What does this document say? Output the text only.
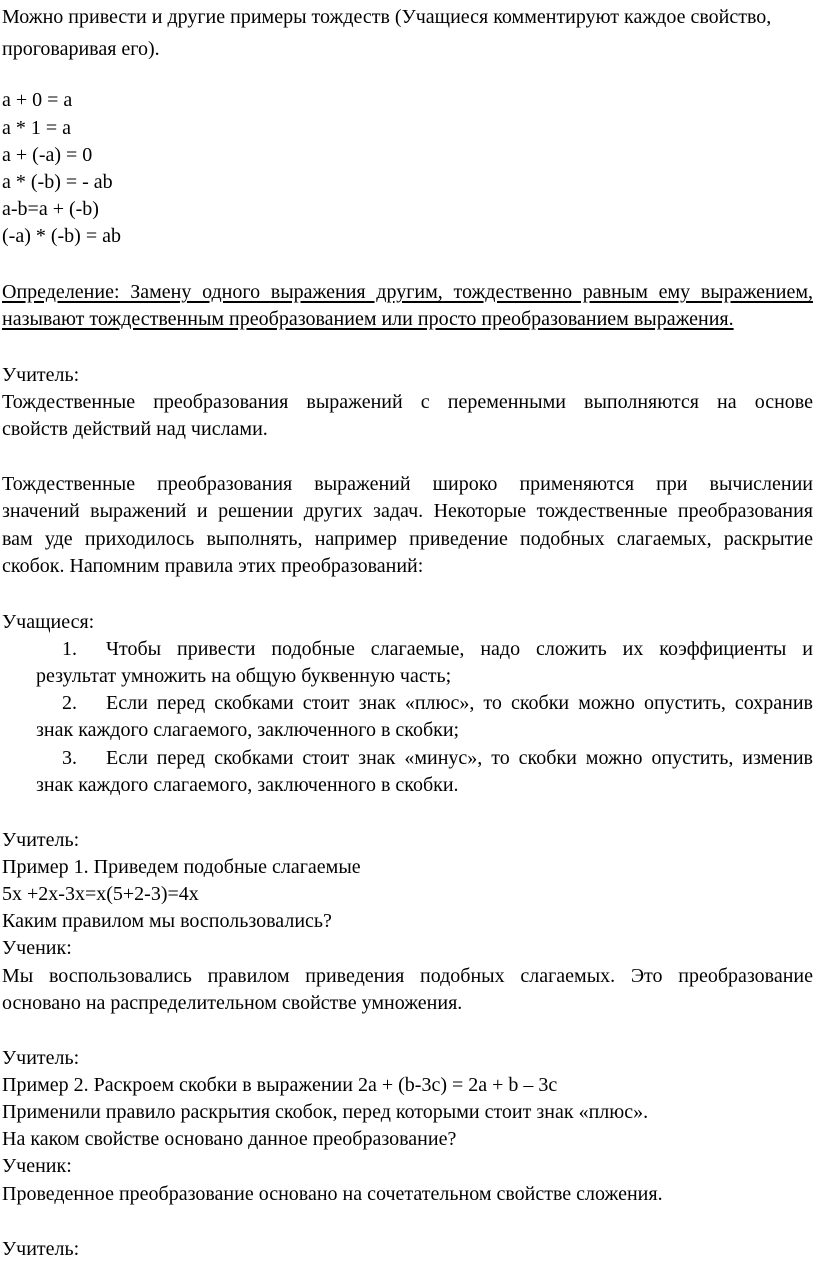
Можно привести и другие примеры тождеств (Учащиеся комментируют каждое свойство,
проговаривая его).
a + 0 = a
a * 1 = a
a + (-a) = 0
a * (-b) = - ab
a-b=a + (-b)
(-a) * (-b) = ab
Определение: Замену одного выражения другим, тождественно равным ему выражением,
называют тождественным преобразованием или просто преобразованием выражения.
Учитель:
Тождественные преобразования выражений с переменными выполняются на основе
свойств действий над числами.
Тождественные преобразования выражений широко применяются при вычислении
значений выражений и решении других задач. Некоторые тождественные преобразования
вам уде приходилось выполнять, например приведение подобных слагаемых, раскрытие
скобок. Напомним правила этих преобразований:
Учащиеся:
1. Чтобы привести подобные слагаемые, надо сложить их коэффициенты и
результат умножить на общую буквенную часть;
2. Если перед скобками стоит знак «плюс», то скобки можно опустить, сохранив
знак каждого слагаемого, заключенного в скобки;
3. Если перед скобками стоит знак «минус», то скобки можно опустить, изменив
знак каждого слагаемого, заключенного в скобки.
Учитель:
Пример 1. Приведем подобные слагаемые
5x +2x-3x=x(5+2-3)=4x
Каким правилом мы воспользовались?
Ученик:
Мы воспользовались правилом приведения подобных слагаемых. Это преобразование
основано на распределительном свойстве умножения.
Учитель:
Пример 2. Раскроем скобки в выражении 2a + (b-3c) = 2a + b – 3c
Применили правило раскрытия скобок, перед которыми стоит знак «плюс».
На каком свойстве основано данное преобразование?
Ученик:
Проведенное преобразование основано на сочетательном свойстве сложения.
Учитель:
